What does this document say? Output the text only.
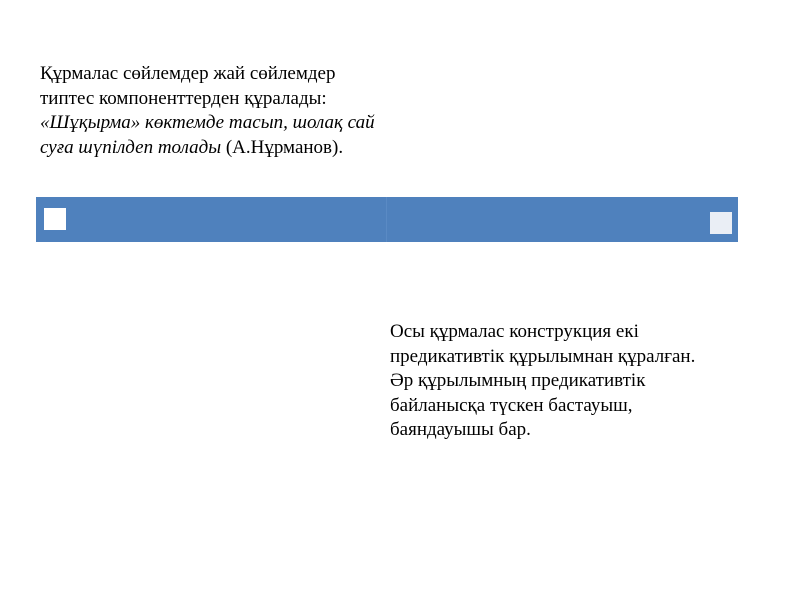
Құрмалас сөйлемдер жай сөйлемдер типтес компоненттерден құралады: «Шұқырма» көктемде тасып, шолақ сай суға шүпілдеп толады (А.Нұрманов).

Осы құрмалас конструкция екі предикативтік құрылымнан құралған. Әр құрылымның предикативтік байланысқа түскен бастауыш, баяндауышы бар.
